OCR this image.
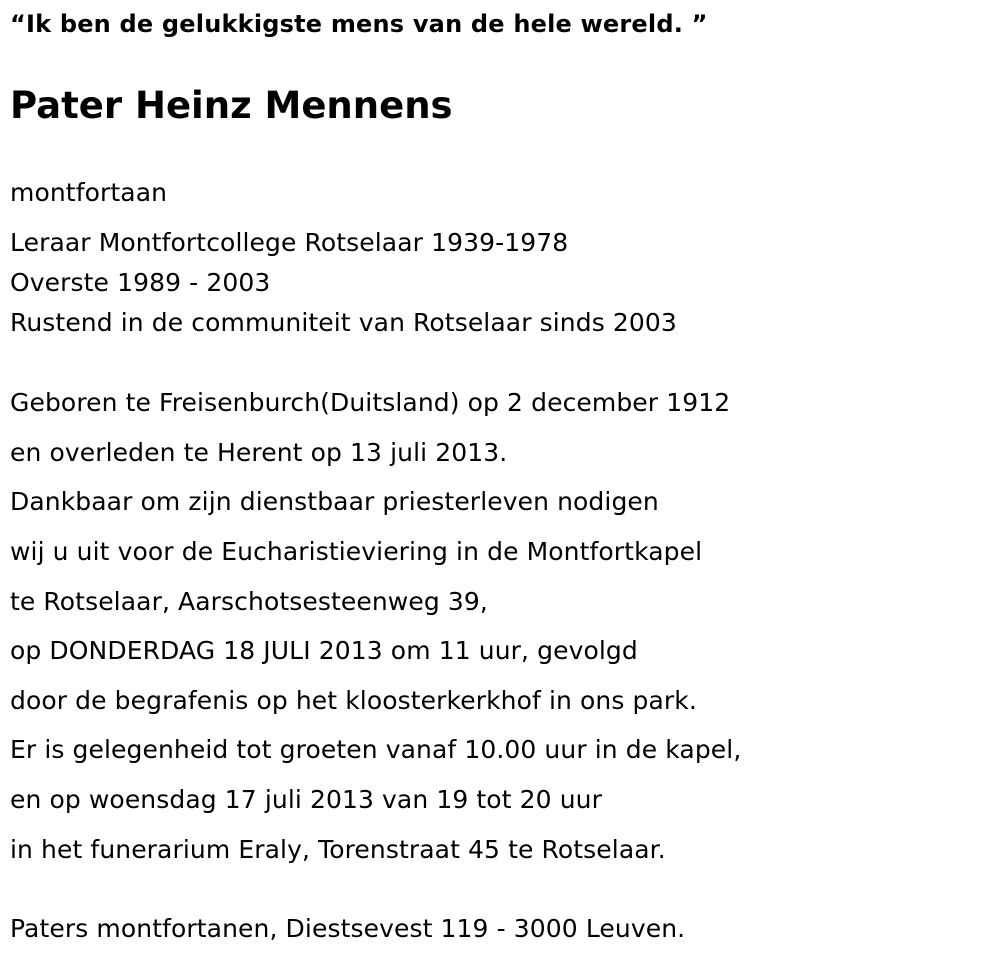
“Ik ben de gelukkigste mens van de hele wereld. ”
Pater Heinz Mennens
montfortaan
Leraar Montfortcollege Rotselaar 1939-1978
Overste 1989 - 2003
Rustend in de communiteit van Rotselaar sinds 2003
Geboren te Freisenburch(Duitsland) op 2 december 1912
en overleden te Herent op 13 juli 2013.
Dankbaar om zijn dienstbaar priesterleven nodigen
wij u uit voor de Eucharistieviering in de Montfortkapel
te Rotselaar, Aarschotsesteenweg 39,
op DONDERDAG 18 JULI 2013 om 11 uur, gevolgd
door de begrafenis op het kloosterkerkhof in ons park.
Er is gelegenheid tot groeten vanaf 10.00 uur in de kapel,
en op woensdag 17 juli 2013 van 19 tot 20 uur
in het funerarium Eraly, Torenstraat 45 te Rotselaar.
Paters montfortanen, Diestsevest 119 - 3000 Leuven.
